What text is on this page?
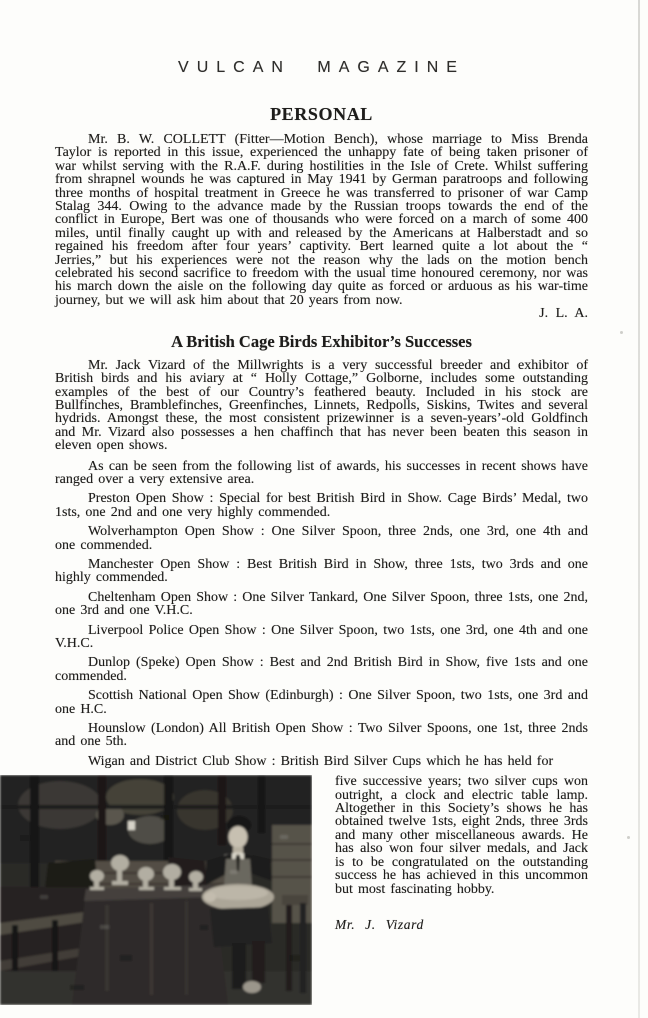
VULCAN MAGAZINE
PERSONAL

Mr. B. W. COLLETT (Fitter—Motion Bench), whose marriage to Miss Brenda Taylor is reported in this issue, experienced the unhappy fate of being taken prisoner of war whilst serving with the R.A.F. during hostilities in the Isle of Crete. Whilst suffering from shrapnel wounds he was captured in May 1941 by German paratroops and following three months of hospital treatment in Greece he was transferred to prisoner of war Camp Stalag 344. Owing to the advance made by the Russian troops towards the end of the conflict in Europe, Bert was one of thousands who were forced on a march of some 400 miles, until finally caught up with and released by the Americans at Halberstadt and so regained his freedom after four years’ captivity. Bert learned quite a lot about the “ Jerries,” but his experiences were not the reason why the lads on the motion bench celebrated his second sacrifice to freedom with the usual time honoured ceremony, nor was his march down the aisle on the following day quite as forced or arduous as his war-time journey, but we will ask him about that 20 years from now.

J. L. A.

A British Cage Birds Exhibitor’s Successes

Mr. Jack Vizard of the Millwrights is a very successful breeder and exhibitor of British birds and his aviary at “ Holly Cottage,” Golborne, includes some outstanding examples of the best of our Country’s feathered beauty. Included in his stock are Bullfinches, Bramblefinches, Greenfinches, Linnets, Redpolls, Siskins, Twites and several hydrids. Amongst these, the most consistent prizewinner is a seven-years’-old Goldfinch and Mr. Vizard also possesses a hen chaffinch that has never been beaten this season in eleven open shows.

As can be seen from the following list of awards, his successes in recent shows have ranged over a very extensive area.

Preston Open Show : Special for best British Bird in Show. Cage Birds’ Medal, two 1sts, one 2nd and one very highly commended.

Wolverhampton Open Show : One Silver Spoon, three 2nds, one 3rd, one 4th and one commended.

Manchester Open Show : Best British Bird in Show, three 1sts, two 3rds and one highly commended.

Cheltenham Open Show : One Silver Tankard, One Silver Spoon, three 1sts, one 2nd, one 3rd and one V.H.C.

Liverpool Police Open Show : One Silver Spoon, two 1sts, one 3rd, one 4th and one V.H.C.

Dunlop (Speke) Open Show : Best and 2nd British Bird in Show, five 1sts and one commended.

Scottish National Open Show (Edinburgh) : One Silver Spoon, two 1sts, one 3rd and one H.C.

Hounslow (London) All British Open Show : Two Silver Spoons, one 1st, three 2nds and one 5th.

Wigan and District Club Show : British Bird Silver Cups which he has held for

five successive years; two silver cups won outright, a clock and electric table lamp. Altogether in this Society’s shows he has obtained twelve 1sts, eight 2nds, three 3rds and many other miscellaneous awards. He has also won four silver medals, and Jack is to be congratulated on the outstanding success he has achieved in this uncommon but most fascinating hobby.

Mr. J. Vizard
